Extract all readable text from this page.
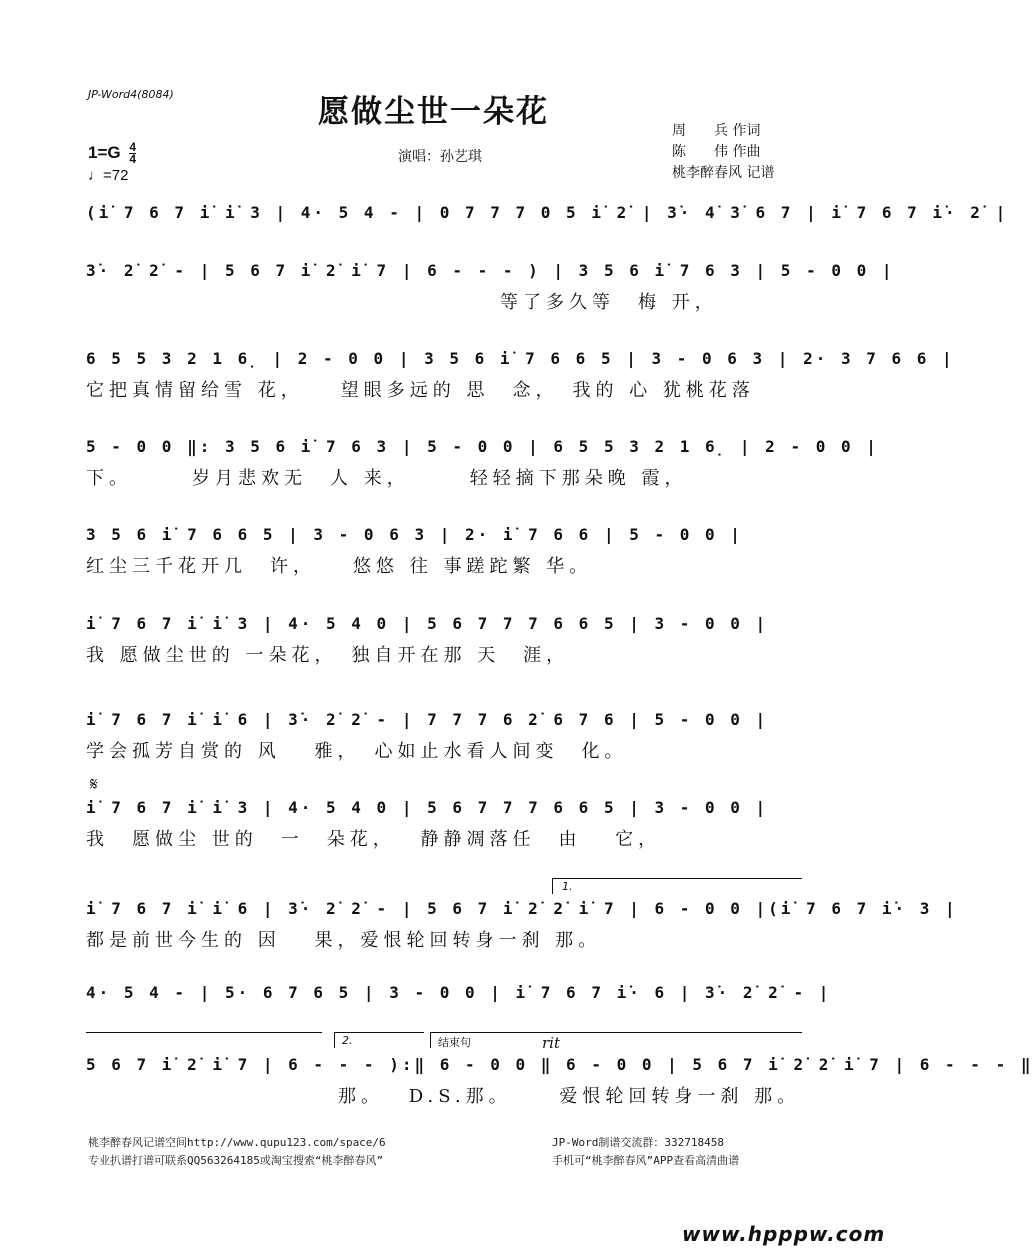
JP-Word4(8084)	愿做尘世一朵花
演唱：孙艺琪
周　　兵 作词
陈　　伟 作曲
桃李醉春风 记谱
$1=G \frac{4}{4}$
♩=72
(i̇ 7 6 7 i̇ i̇ 3 | 4· 5 4 - | 0 7 7 7 0 5 i̇ 2̇ | 3̇· 4̇ 3̇ 6 7 | i̇ 7 6 7 i̇· 2̇ |
3̇· 2̇ 2̇ - | 5 6 7 i̇ 2̇ i̇ 7 | 6 - - - ) | 3 5 6 i̇ 7 6 3 | 5 - 0 0 |
等了多久等　梅 开，
6 5 5 3 2 1 6̣ | 2 - 0 0 | 3 5 6 i̇ 7 6 6 5 | 3 - 0 6 3 | 2· 3 7 6 6 |
它把真情留给雪 花，　　望眼多远的 思　念，　我的 心 犹桃花落
5 - 0 0 ‖: 3 5 6 i̇ 7 6 3 | 5 - 0 0 | 6 5 5 3 2 1 6̣ | 2 - 0 0 |
下。　　　岁月悲欢无　人 来，　　　轻轻摘下那朵晚 霞，
3 5 6 i̇ 7 6 6 5 | 3 - 0 6 3 | 2· i̇ 7 6 6 | 5 - 0 0 |
红尘三千花开几　许，　　悠悠 往 事蹉跎繁 华。
i̇ 7 6 7 i̇ i̇ 3 | 4· 5 4 0 | 5 6 7 7 7 6 6 5 | 3 - 0 0 |
我 愿做尘世的 一朵花，　独自开在那 天　涯，
i̇ 7 6 7 i̇ i̇ 6 | 3̇· 2̇ 2̇ - | 7 7 7 6 2̇ 6 7 6 | 5 - 0 0 |
学会孤芳自赏的 风　 雅，　心如止水看人间变　化。
𝄋
i̇ 7 6 7 i̇ i̇ 3 | 4· 5 4 0 | 5 6 7 7 7 6 6 5 | 3 - 0 0 |
我　愿做尘 世的　一　朵花，　 静静凋落任　由　 它，
1.
i̇ 7 6 7 i̇ i̇ 6 | 3̇· 2̇ 2̇ - | 5 6 7 i̇ 2̇ 2̇ i̇ 7 | 6 - 0 0 |(i̇ 7 6 7 i̇· 3 |
都是前世今生的 因　 果，爱恨轮回转身一刹 那。
4· 5 4 - | 5· 6 7 6 5 | 3 - 0 0 | i̇ 7 6 7 i̇· 6 | 3̇· 2̇ 2̇ - |
2.	结束句	rit
5 6 7 i̇ 2̇ i̇ 7 | 6 - - - ):‖ 6 - 0 0 ‖ 6 - 0 0 | 5 6 7 i̇ 2̇ 2̇ i̇ 7 | 6 - - - ‖
那。　 D.S.那。　　 爱恨轮回转身一刹 那。
桃李醉春风记谱空间http://www.qupu123.com/space/6
专业扒谱打谱可联系QQ563264185或淘宝搜索“桃李醉春风”
JP-Word制谱交流群：332718458
手机可“桃李醉春风”APP查看高清曲谱
www.hpppw.com
